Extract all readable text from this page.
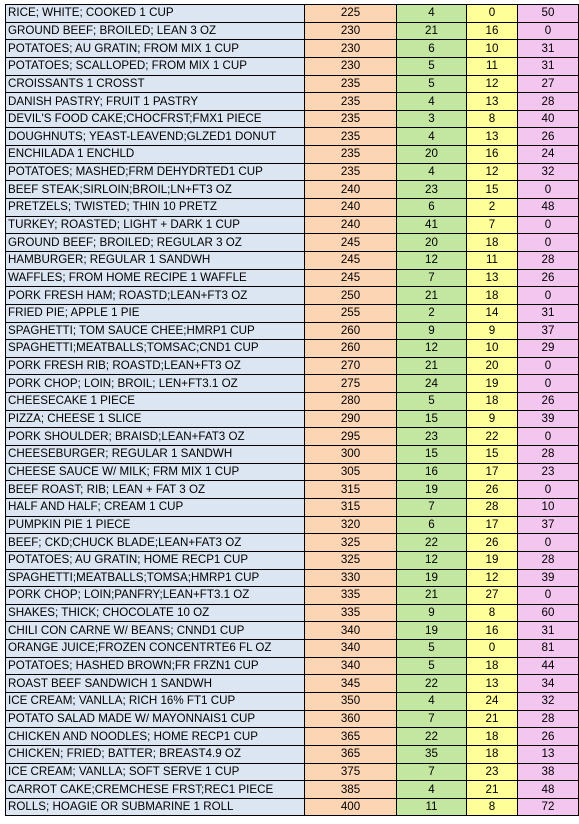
RICE; WHITE; COOKED 1 CUP	225	4	0	50
GROUND BEEF; BROILED; LEAN 3 OZ	230	21	16	0
POTATOES; AU GRATIN; FROM MIX 1 CUP	230	6	10	31
POTATOES; SCALLOPED; FROM MIX 1 CUP	230	5	11	31
CROISSANTS 1 CROSST	235	5	12	27
DANISH PASTRY; FRUIT 1 PASTRY	235	4	13	28
DEVIL'S FOOD CAKE;CHOCFRST;FMX1 PIECE	235	3	8	40
DOUGHNUTS; YEAST-LEAVEND;GLZED1 DONUT	235	4	13	26
ENCHILADA 1 ENCHLD	235	20	16	24
POTATOES; MASHED;FRM DEHYDRTED1 CUP	235	4	12	32
BEEF STEAK;SIRLOIN;BROIL;LN+FT3 OZ	240	23	15	0
PRETZELS; TWISTED; THIN 10 PRETZ	240	6	2	48
TURKEY; ROASTED; LIGHT + DARK 1 CUP	240	41	7	0
GROUND BEEF; BROILED; REGULAR 3 OZ	245	20	18	0
HAMBURGER; REGULAR 1 SANDWH	245	12	11	28
WAFFLES; FROM HOME RECIPE 1 WAFFLE	245	7	13	26
PORK FRESH HAM; ROASTD;LEAN+FT3 OZ	250	21	18	0
FRIED PIE; APPLE 1 PIE	255	2	14	31
SPAGHETTI; TOM SAUCE CHEE;HMRP1 CUP	260	9	9	37
SPAGHETTI;MEATBALLS;TOMSAC;CND1 CUP	260	12	10	29
PORK FRESH RIB; ROASTD;LEAN+FT3 OZ	270	21	20	0
PORK CHOP; LOIN; BROIL; LEN+FT3.1 OZ	275	24	19	0
CHEESECAKE 1 PIECE	280	5	18	26
PIZZA; CHEESE 1 SLICE	290	15	9	39
PORK SHOULDER; BRAISD;LEAN+FAT3 OZ	295	23	22	0
CHEESEBURGER; REGULAR 1 SANDWH	300	15	15	28
CHEESE SAUCE W/ MILK; FRM MIX 1 CUP	305	16	17	23
BEEF ROAST; RIB; LEAN + FAT 3 OZ	315	19	26	0
HALF AND HALF; CREAM 1 CUP	315	7	28	10
PUMPKIN PIE 1 PIECE	320	6	17	37
BEEF; CKD;CHUCK BLADE;LEAN+FAT3 OZ	325	22	26	0
POTATOES; AU GRATIN; HOME RECP1 CUP	325	12	19	28
SPAGHETTI;MEATBALLS;TOMSA;HMRP1 CUP	330	19	12	39
PORK CHOP; LOIN;PANFRY;LEAN+FT3.1 OZ	335	21	27	0
SHAKES; THICK; CHOCOLATE 10 OZ	335	9	8	60
CHILI CON CARNE W/ BEANS; CNND1 CUP	340	19	16	31
ORANGE JUICE;FROZEN CONCENTRTE6 FL OZ	340	5	0	81
POTATOES; HASHED BROWN;FR FRZN1 CUP	340	5	18	44
ROAST BEEF SANDWICH 1 SANDWH	345	22	13	34
ICE CREAM; VANLLA; RICH 16% FT1 CUP	350	4	24	32
POTATO SALAD MADE W/ MAYONNAIS1 CUP	360	7	21	28
CHICKEN AND NOODLES; HOME RECP1 CUP	365	22	18	26
CHICKEN; FRIED; BATTER; BREAST4.9 OZ	365	35	18	13
ICE CREAM; VANLLA; SOFT SERVE 1 CUP	375	7	23	38
CARROT CAKE;CREMCHESE FRST;REC1 PIECE	385	4	21	48
ROLLS; HOAGIE OR SUBMARINE 1 ROLL	400	11	8	72
